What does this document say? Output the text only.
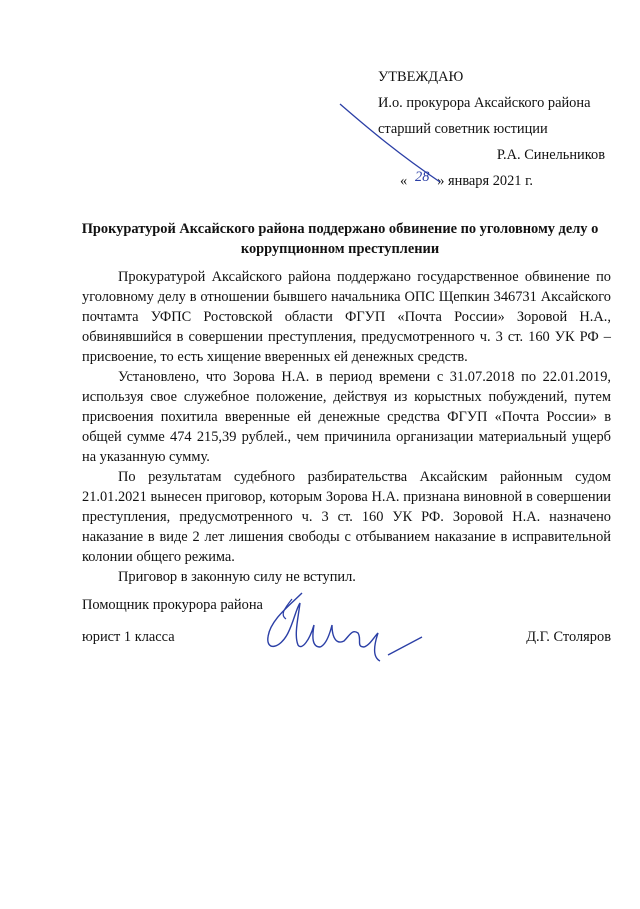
УТВЕЖДАЮ
И.о. прокурора Аксайского района
старший советник юстиции
Р.А. Синельников
« 28 » января 2021 г.
Прокуратурой Аксайского района поддержано обвинение по уголовному делу о коррупционном преступлении

Прокуратурой Аксайского района поддержано государственное обвинение по уголовному делу в отношении бывшего начальника ОПС Щепкин 346731 Аксайского почтамта УФПС Ростовской области ФГУП «Почта России» Зоровой Н.А., обвинявшийся в совершении преступления, предусмотренного ч. 3 ст. 160 УК РФ – присвоение, то есть хищение вверенных ей денежных средств.

Установлено, что Зорова Н.А. в период времени с 31.07.2018 по 22.01.2019, используя свое служебное положение, действуя из корыстных побуждений, путем присвоения похитила вверенные ей денежные средства ФГУП «Почта России» в общей сумме 474 215,39 рублей., чем причинила организации материальный ущерб на указанную сумму.

По результатам судебного разбирательства Аксайским районным судом 21.01.2021 вынесен приговор, которым Зорова Н.А. признана виновной в совершении преступления, предусмотренного ч. 3 ст. 160 УК РФ. Зоровой Н.А. назначено наказание в виде 2 лет лишения свободы с отбыванием наказание в исправительной колонии общего режима.

Приговор в законную силу не вступил.

Помощник прокурора района
юрист 1 класса	Д.Г. Столяров
